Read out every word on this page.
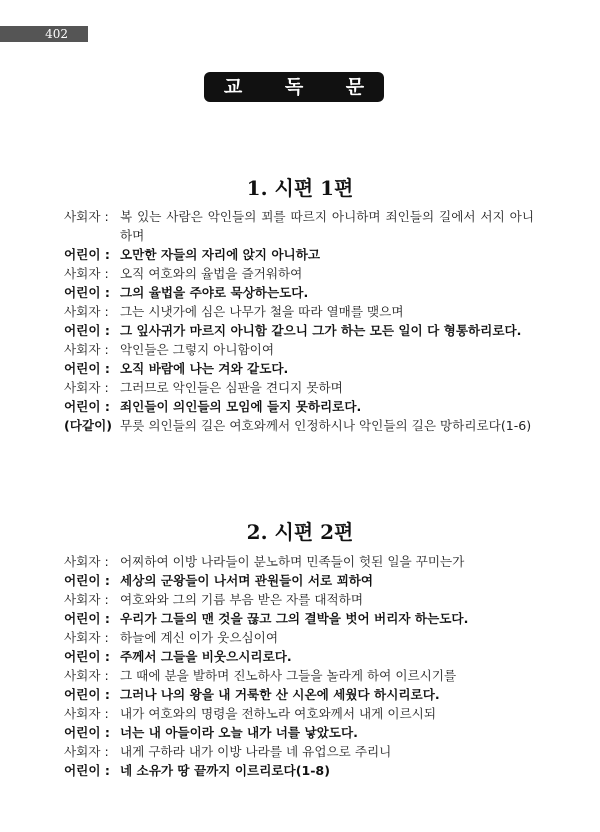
402
교 독 문
1. 시편 1편
사회자 : 복 있는 사람은 악인들의 꾀를 따르지 아니하며 죄인들의 길에서 서지 아니하며
어린이 : 오만한 자들의 자리에 앉지 아니하고
사회자 : 오직 여호와의 율법을 즐거워하여
어린이 : 그의 율법을 주야로 묵상하는도다.
사회자 : 그는 시냇가에 심은 나무가 철을 따라 열매를 맺으며
어린이 : 그 잎사귀가 마르지 아니함 같으니 그가 하는 모든 일이 다 형통하리로다.
사회자 : 악인들은 그렇지 아니함이여
어린이 : 오직 바람에 나는 겨와 같도다.
사회자 : 그러므로 악인들은 심판을 견디지 못하며
어린이 : 죄인들이 의인들의 모임에 들지 못하리로다.
(다같이) 무릇 의인들의 길은 여호와께서 인정하시나 악인들의 길은 망하리로다(1-6)
2. 시편 2편
사회자 : 어찌하여 이방 나라들이 분노하며 민족들이 헛된 일을 꾸미는가
어린이 : 세상의 군왕들이 나서며 관원들이 서로 꾀하여
사회자 : 여호와와 그의 기름 부음 받은 자를 대적하며
어린이 : 우리가 그들의 맨 것을 끊고 그의 결박을 벗어 버리자 하는도다.
사회자 : 하늘에 계신 이가 웃으심이여
어린이 : 주께서 그들을 비웃으시리로다.
사회자 : 그 때에 분을 발하며 진노하사 그들을 놀라게 하여 이르시기를
어린이 : 그러나 나의 왕을 내 거룩한 산 시온에 세웠다 하시리로다.
사회자 : 내가 여호와의 명령을 전하노라 여호와께서 내게 이르시되
어린이 : 너는 내 아들이라 오늘 내가 너를 낳았도다.
사회자 : 내게 구하라 내가 이방 나라를 네 유업으로 주리니
어린이 : 네 소유가 땅 끝까지 이르리로다(1-8)
